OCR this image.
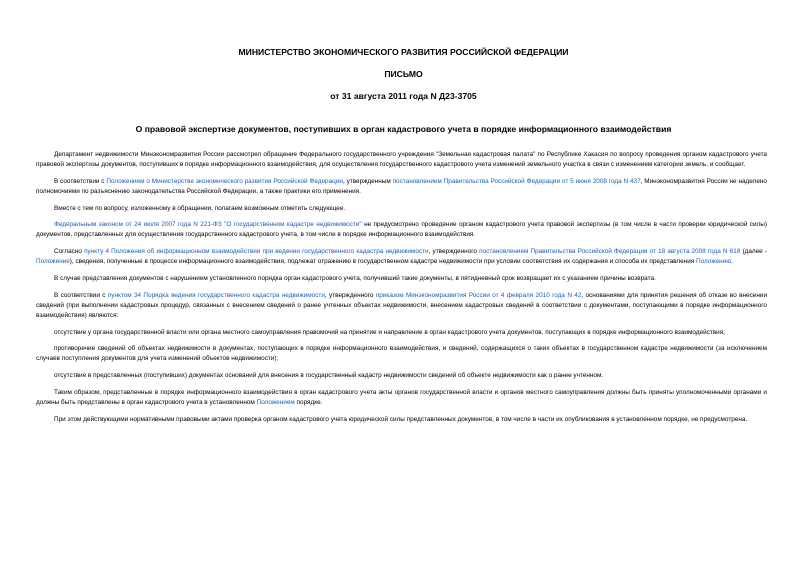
МИНИСТЕРСТВО ЭКОНОМИЧЕСКОГО РАЗВИТИЯ РОССИЙСКОЙ ФЕДЕРАЦИИ
ПИСЬМО
от 31 августа 2011 года N Д23-3705
О правовой экспертизе документов, поступивших в орган кадастрового учета в порядке информационного взаимодействия

Департамент недвижимости Минэкономразвития России рассмотрел обращение Федерального государственного учреждения "Земельная кадастровая палата" по Республике Хакасия по вопросу проведения органом кадастрового учета правовой экспертизы документов, поступивших в порядке информационного взаимодействия, для осуществления государственного кадастрового учета изменений земельного участка в связи с изменением категории земель, и сообщает.

В соответствии с Положением о Министерстве экономического развития Российской Федерации, утвержденным постановлением Правительства Российской Федерации от 5 июня 2008 года N 437, Минэкономразвития России не наделено полномочиями по разъяснению законодательства Российской Федерации, а также практики его применения.

Вместе с тем по вопросу, изложенному в обращении, полагаем возможным отметить следующее.

Федеральным законом от 24 июля 2007 года N 221-ФЗ "О государственном кадастре недвижимости" не предусмотрено проведение органом кадастрового учета правовой экспертизы (в том числе в части проверки юридической силы) документов, представленных для осуществления государственного кадастрового учета, в том числе в порядке информационного взаимодействия.

Согласно пункту 4 Положения об информационном взаимодействии при ведении государственного кадастра недвижимости, утвержденного постановлением Правительства Российской Федерации от 18 августа 2008 года N 618 (далее - Положение), сведения, полученные в процессе информационного взаимодействия, подлежат отражению в государственном кадастре недвижимости при условии соответствия их содержания и способа их представления Положению.

В случае представления документов с нарушением установленного порядка орган кадастрового учета, получивший такие документы, в пятидневный срок возвращает их с указанием причины возврата.

В соответствии с пунктом 34 Порядка ведения государственного кадастра недвижимости, утвержденного приказом Минэкономразвития России от 4 февраля 2010 года N 42, основаниями для принятия решения об отказе во внесении сведений (при выполнении кадастровых процедур, связанных с внесением сведений о ранее учтенных объектах недвижимости, внесением кадастровых сведений в соответствии с документами, поступающими в порядке информационного взаимодействия) являются:

отсутствие у органа государственной власти или органа местного самоуправления правомочий на принятие и направление в орган кадастрового учета документов, поступающих в порядке информационного взаимодействия;

противоречие сведений об объектах недвижимости в документах, поступающих в порядке информационного взаимодействия, и сведений, содержащихся о таких объектах в государственном кадастре недвижимости (за исключением случаев поступления документов для учета изменений объектов недвижимости);

отсутствие в представленных (поступивших) документах оснований для внесения в государственный кадастр недвижимости сведений об объекте недвижимости как о ранее учтенном.

Таким образом, представленные в порядке информационного взаимодействия в орган кадастрового учета акты органов государственной власти и органов местного самоуправления должны быть приняты уполномоченными органами и должны быть представлены в орган кадастрового учета в установленном Положением порядке.

При этом действующими нормативными правовыми актами проверка органом кадастрового учета юридической силы представленных документов, в том числе в части их опубликования в установленном порядке, не предусмотрена.
